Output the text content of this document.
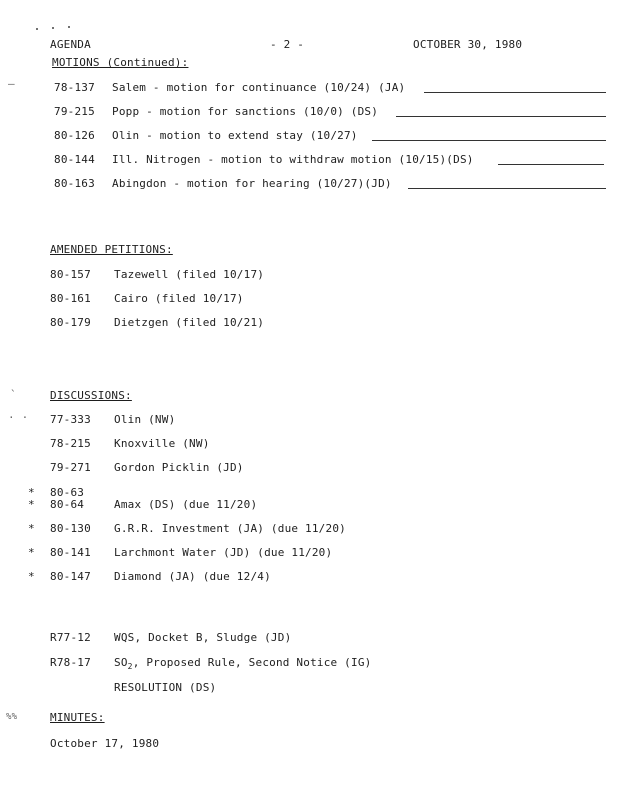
—
`
. .
%%
AGENDA	- 2 -	OCTOBER 30, 1980
MOTIONS (Continued):
78-137 Salem - motion for continuance (10/24) (JA)
79-215 Popp - motion for sanctions (10/0) (DS)
80-126 Olin - motion to extend stay (10/27)
80-144 Ill. Nitrogen - motion to withdraw motion (10/15)(DS)
80-163 Abingdon - motion for hearing (10/27)(JD)
AMENDED PETITIONS:
80-157 Tazewell (filed 10/17)
80-161 Cairo (filed 10/17)
80-179 Dietzgen (filed 10/21)
DISCUSSIONS:
77-333 Olin (NW)
78-215 Knoxville (NW)
79-271 Gordon Picklin (JD)
* 80-63
* 80-64	Amax (DS) (due 11/20)
* 80-130 G.R.R. Investment (JA) (due 11/20)
* 80-141 Larchmont Water (JD) (due 11/20)
* 80-147 Diamond (JA) (due 12/4)
R77-12 WQS, Docket B, Sludge (JD)
R78-17 $SO_2$, Proposed Rule, Second Notice (IG)
RESOLUTION (DS)
MINUTES:
October 17, 1980
